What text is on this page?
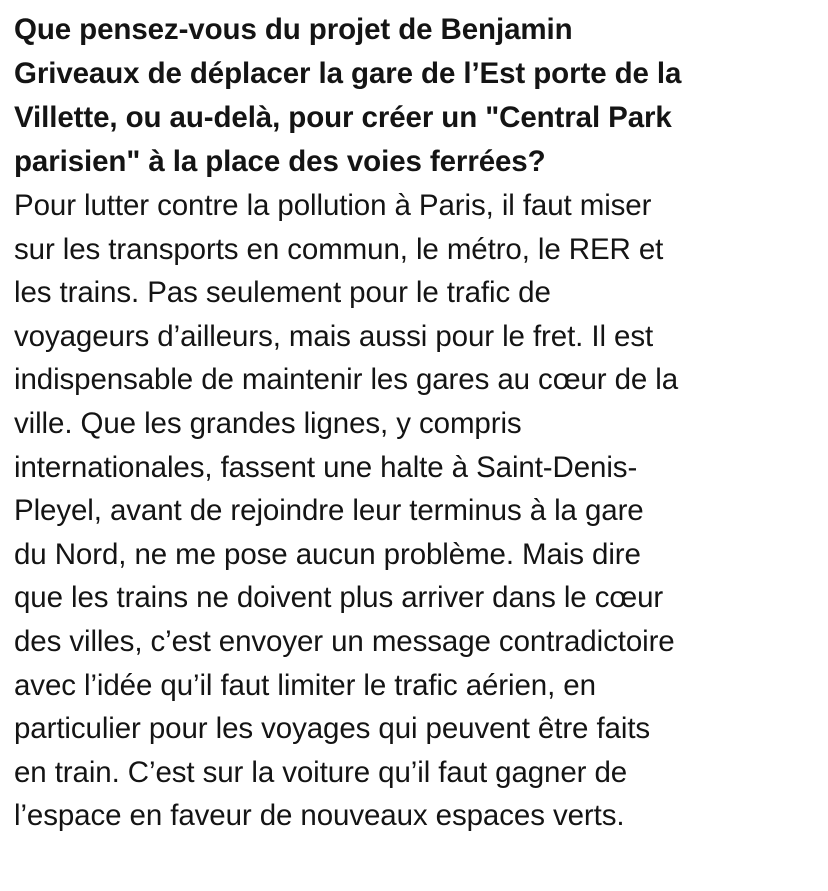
Que pensez-vous du projet de Benjamin
Griveaux de déplacer la gare de l’Est porte de la
Villette, ou au-delà, pour créer un "Central Park
parisien" à la place des voies ferrées?

Pour lutter contre la pollution à Paris, il faut miser
sur les transports en commun, le métro, le RER et
les trains. Pas seulement pour le trafic de
voyageurs d’ailleurs, mais aussi pour le fret. Il est
indispensable de maintenir les gares au cœur de la
ville. Que les grandes lignes, y compris
internationales, fassent une halte à Saint-Denis-
Pleyel, avant de rejoindre leur terminus à la gare
du Nord, ne me pose aucun problème. Mais dire
que les trains ne doivent plus arriver dans le cœur
des villes, c’est envoyer un message contradictoire
avec l’idée qu’il faut limiter le trafic aérien, en
particulier pour les voyages qui peuvent être faits
en train. C’est sur la voiture qu’il faut gagner de
l’espace en faveur de nouveaux espaces verts.
